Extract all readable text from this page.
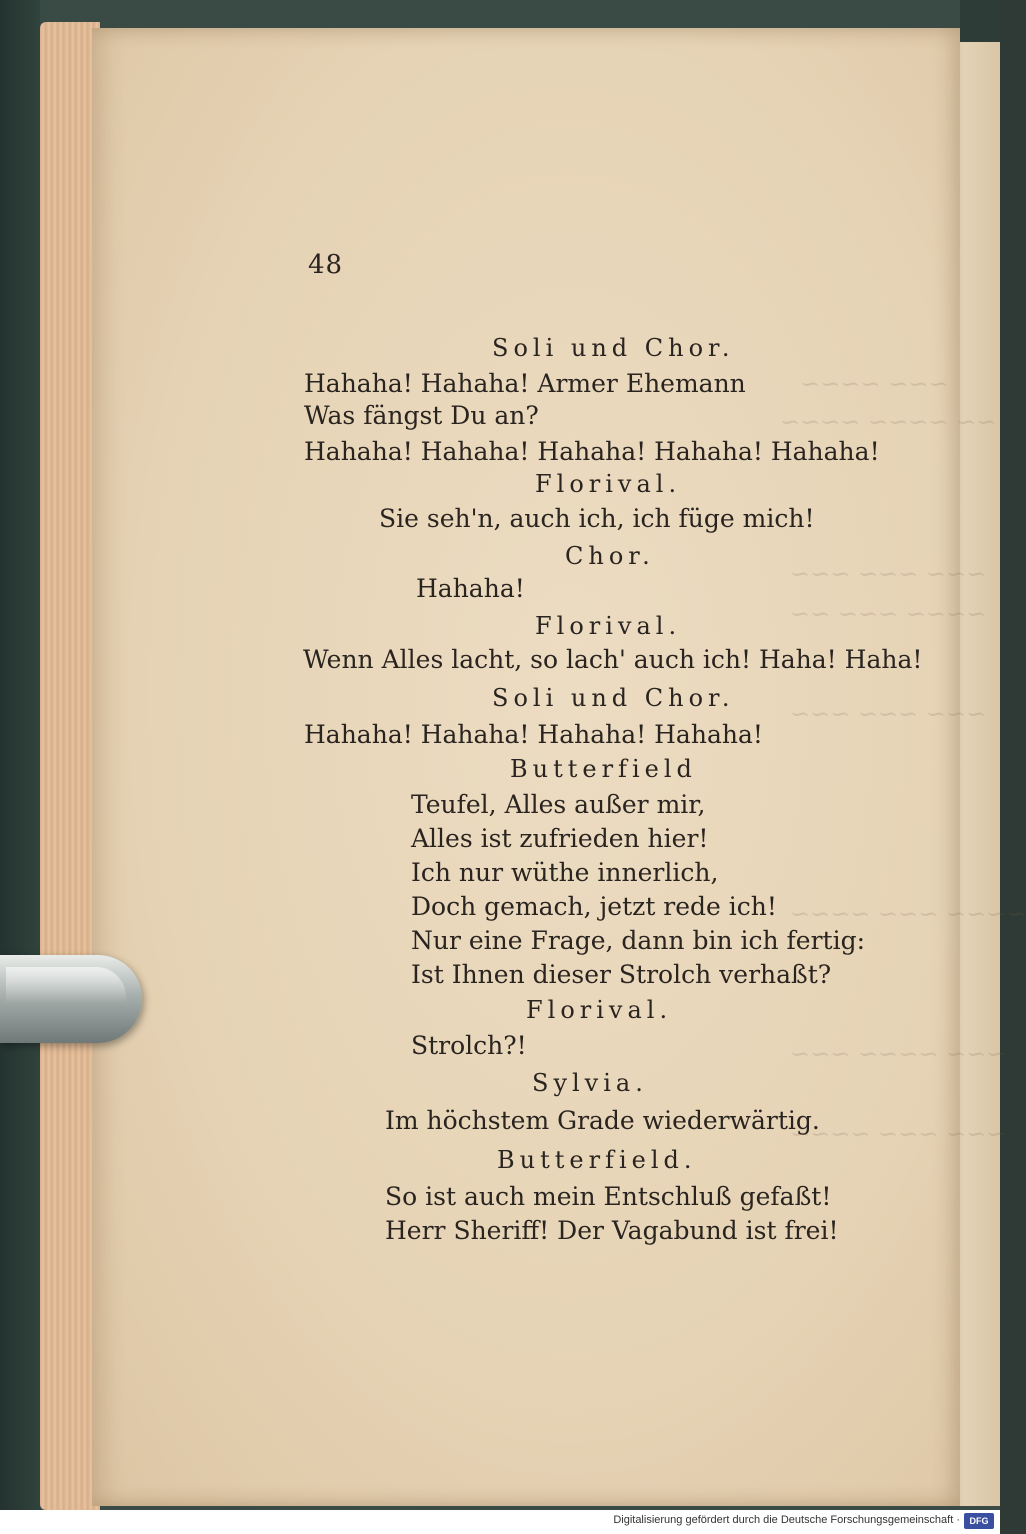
~~~ ~~~~
~~ ~~~~ ~~~~
~~~ ~~~ ~~~
~~~~ ~~~ ~~
~~~ ~~~ ~~~
~~~~ ~~~ ~~~~
~~~ ~~~~ ~~~
~~~ ~~~ ~~~~
48
Soli und Chor.
Hahaha! Hahaha! Armer Ehemann
Was fängst Du an?
Hahaha! Hahaha! Hahaha! Hahaha! Hahaha!
Florival.
Sie seh'n, auch ich, ich füge mich!
Chor.
Hahaha!
Florival.
Wenn Alles lacht, so lach' auch ich! Haha! Haha!
Soli und Chor.
Hahaha! Hahaha! Hahaha! Hahaha!
Butterfield
Teufel, Alles außer mir,
Alles ist zufrieden hier!
Ich nur wüthe innerlich,
Doch gemach, jetzt rede ich!
Nur eine Frage, dann bin ich fertig:
Ist Ihnen dieser Strolch verhaßt?
Florival.
Strolch?!
Sylvia.
Im höchstem Grade wiederwärtig.
Butterfield.
So ist auch mein Entschluß gefaßt!
Herr Sheriff! Der Vagabund ist frei!
Digitalisierung gefördert durch die Deutsche Forschungsgemeinschaft ·	DFG
